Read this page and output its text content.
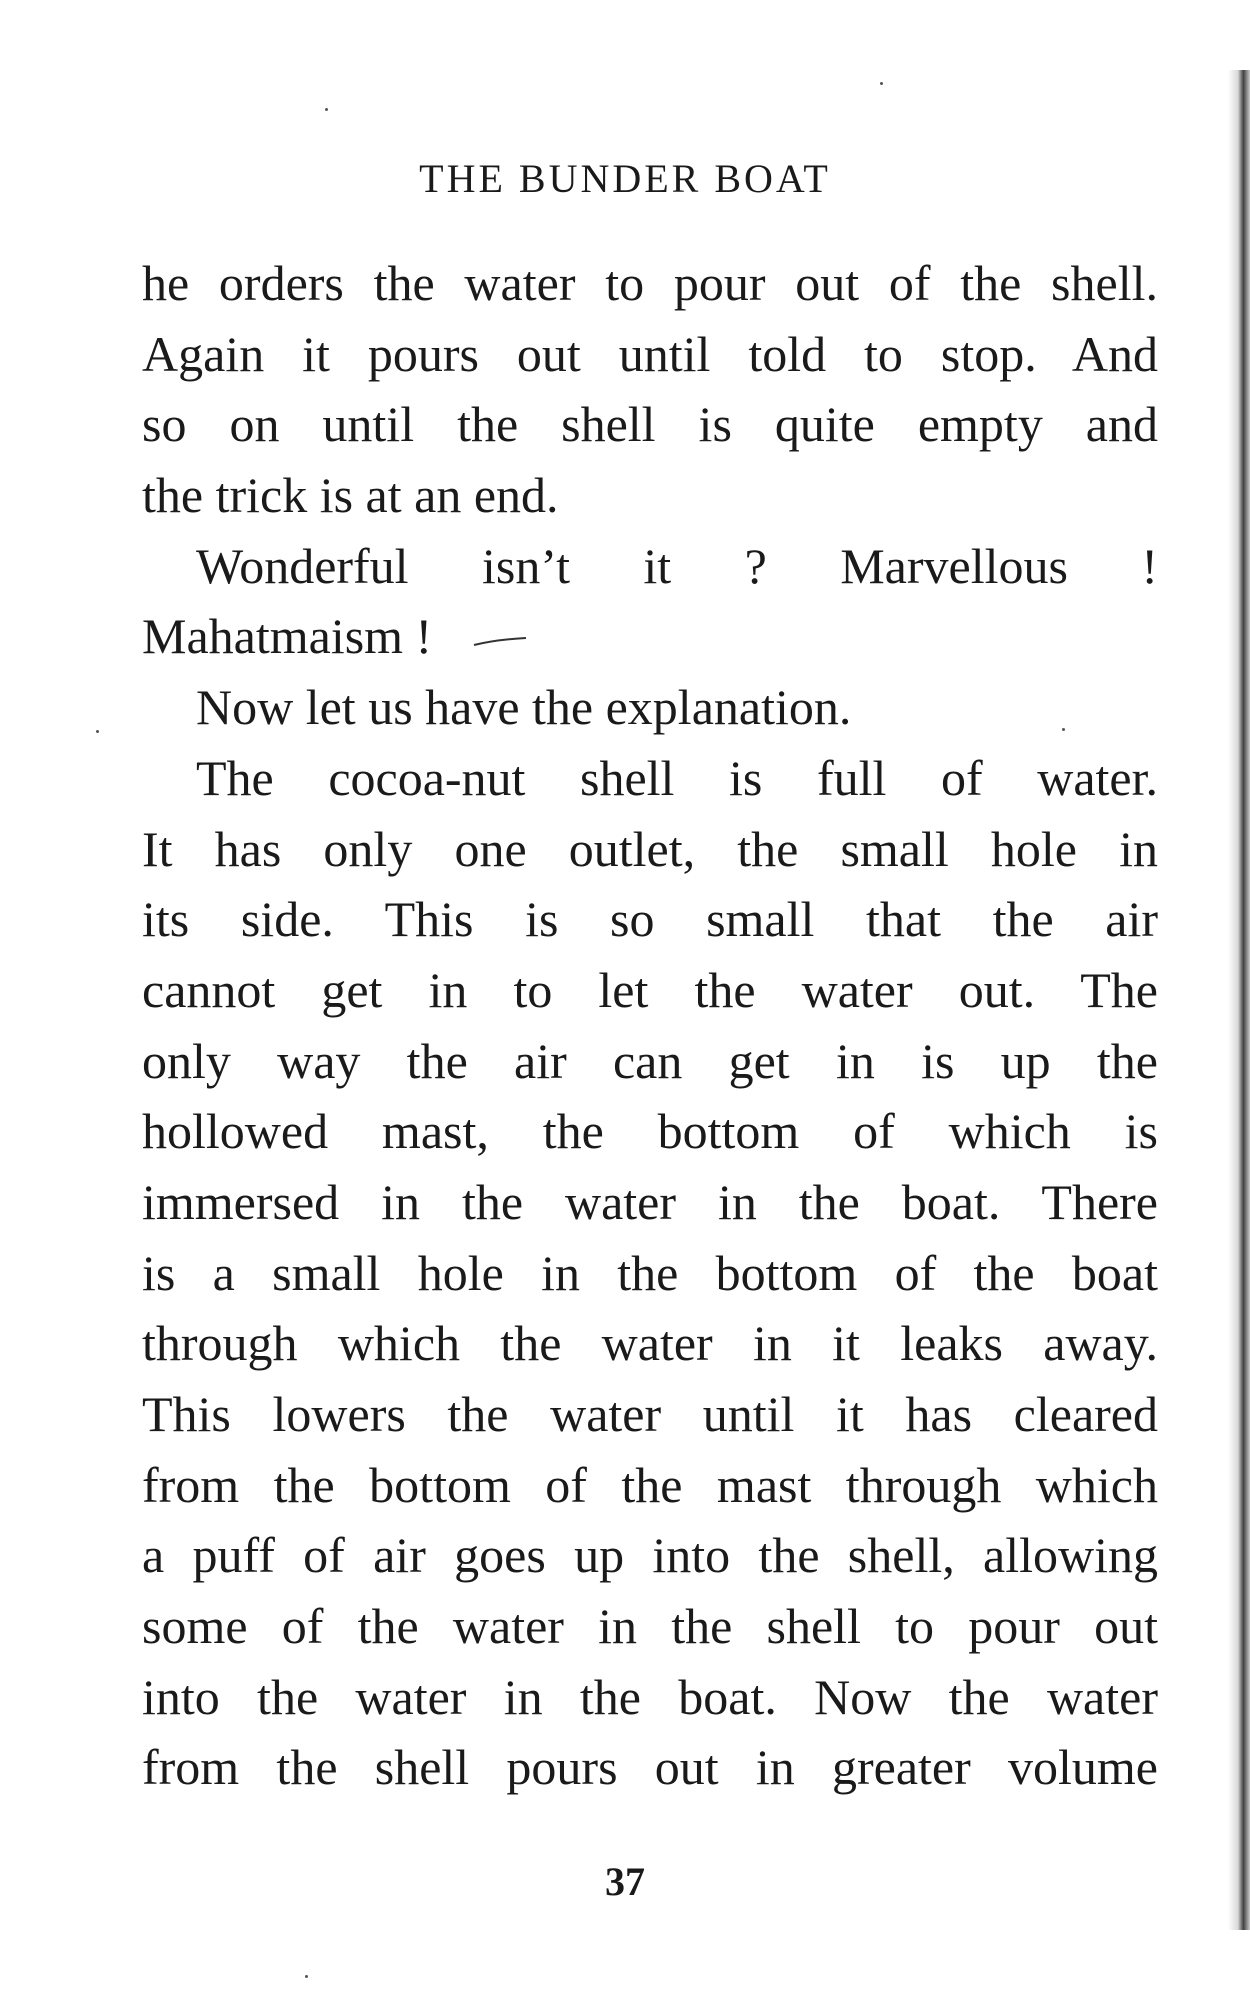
THE BUNDER BOAT
he orders the water to pour out of the shell.
Again it pours out until told to stop. And
so on until the shell is quite empty and
the trick is at an end.
Wonderful isn’t it ? Marvellous !
Mahatmaism !
Now let us have the explanation.
The cocoa-nut shell is full of water.
It has only one outlet, the small hole in
its side. This is so small that the air
cannot get in to let the water out. The
only way the air can get in is up the
hollowed mast, the bottom of which is
immersed in the water in the boat. There
is a small hole in the bottom of the boat
through which the water in it leaks away.
This lowers the water until it has cleared
from the bottom of the mast through which
a puff of air goes up into the shell, allowing
some of the water in the shell to pour out
into the water in the boat. Now the water
from the shell pours out in greater volume
37
